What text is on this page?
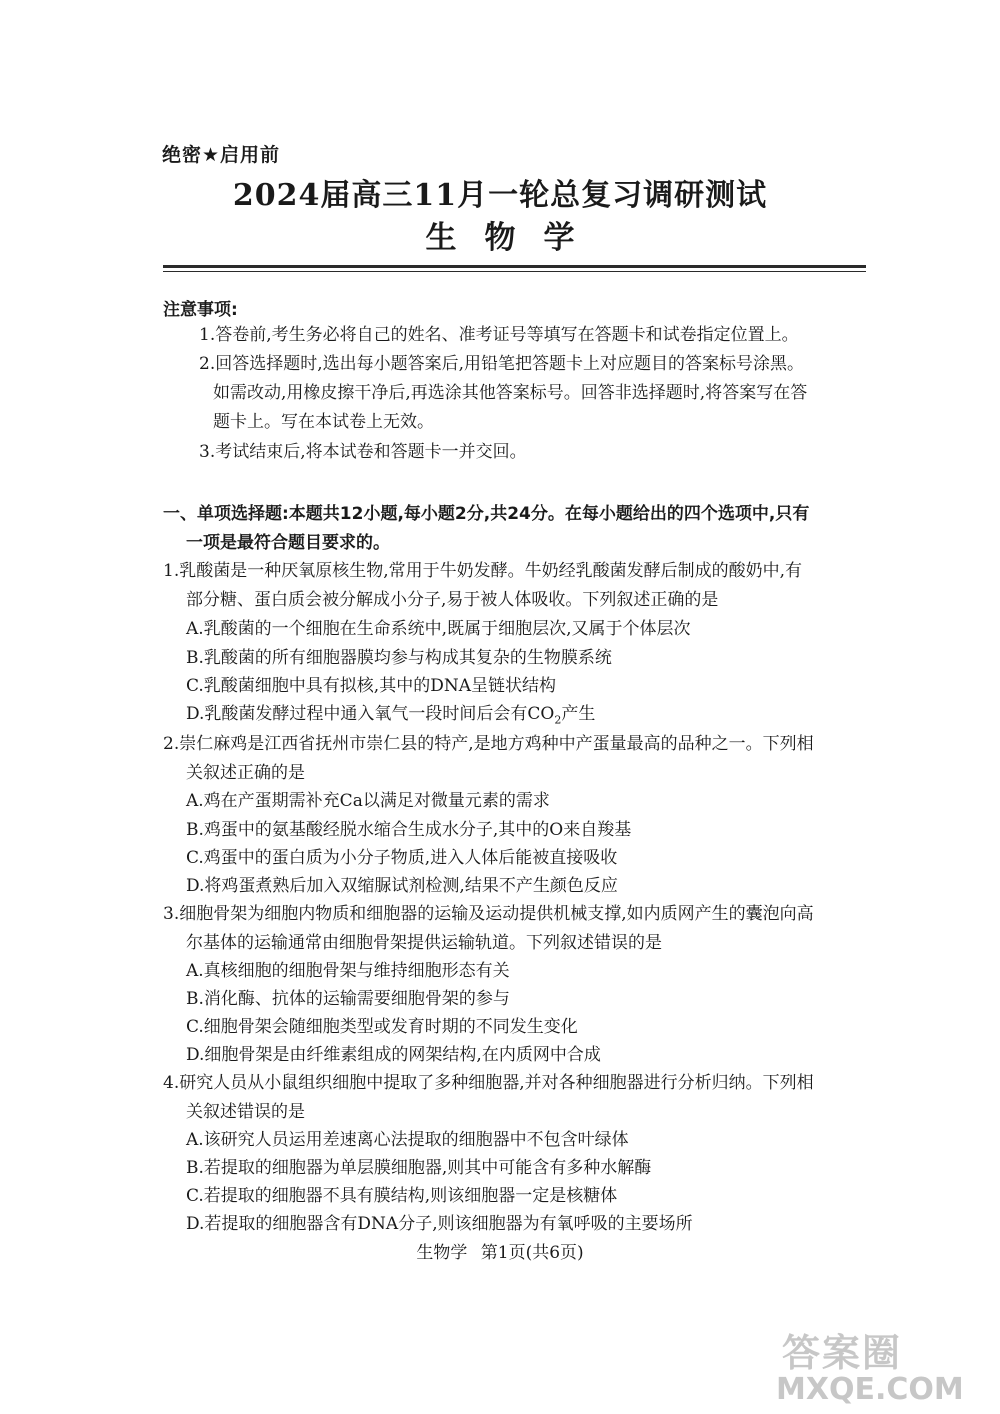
绝密★启用前
2024届高三11月一轮总复习调研测试
生物学
注意事项:
1.答卷前,考生务必将自己的姓名、准考证号等填写在答题卡和试卷指定位置上。
2.回答选择题时,选出每小题答案后,用铅笔把答题卡上对应题目的答案标号涂黑。
如需改动,用橡皮擦干净后,再选涂其他答案标号。回答非选择题时,将答案写在答
题卡上。写在本试卷上无效。
3.考试结束后,将本试卷和答题卡一并交回。
一、单项选择题:本题共12小题,每小题2分,共24分。在每小题给出的四个选项中,只有
一项是最符合题目要求的。
1.乳酸菌是一种厌氧原核生物,常用于牛奶发酵。牛奶经乳酸菌发酵后制成的酸奶中,有
部分糖、蛋白质会被分解成小分子,易于被人体吸收。下列叙述正确的是
A.乳酸菌的一个细胞在生命系统中,既属于细胞层次,又属于个体层次
B.乳酸菌的所有细胞器膜均参与构成其复杂的生物膜系统
C.乳酸菌细胞中具有拟核,其中的DNA呈链状结构
D.乳酸菌发酵过程中通入氧气一段时间后会有$CO_2$产生
2.崇仁麻鸡是江西省抚州市崇仁县的特产,是地方鸡种中产蛋量最高的品种之一。下列相
关叙述正确的是
A.鸡在产蛋期需补充Ca以满足对微量元素的需求
B.鸡蛋中的氨基酸经脱水缩合生成水分子,其中的O来自羧基
C.鸡蛋中的蛋白质为小分子物质,进入人体后能被直接吸收
D.将鸡蛋煮熟后加入双缩脲试剂检测,结果不产生颜色反应
3.细胞骨架为细胞内物质和细胞器的运输及运动提供机械支撑,如内质网产生的囊泡向高
尔基体的运输通常由细胞骨架提供运输轨道。下列叙述错误的是
A.真核细胞的细胞骨架与维持细胞形态有关
B.消化酶、抗体的运输需要细胞骨架的参与
C.细胞骨架会随细胞类型或发育时期的不同发生变化
D.细胞骨架是由纤维素组成的网架结构,在内质网中合成
4.研究人员从小鼠组织细胞中提取了多种细胞器,并对各种细胞器进行分析归纳。下列相
关叙述错误的是
A.该研究人员运用差速离心法提取的细胞器中不包含叶绿体
B.若提取的细胞器为单层膜细胞器,则其中可能含有多种水解酶
C.若提取的细胞器不具有膜结构,则该细胞器一定是核糖体
D.若提取的细胞器含有DNA分子,则该细胞器为有氧呼吸的主要场所
生物学 第1页(共6页)
答案圈
MXQE.COM
